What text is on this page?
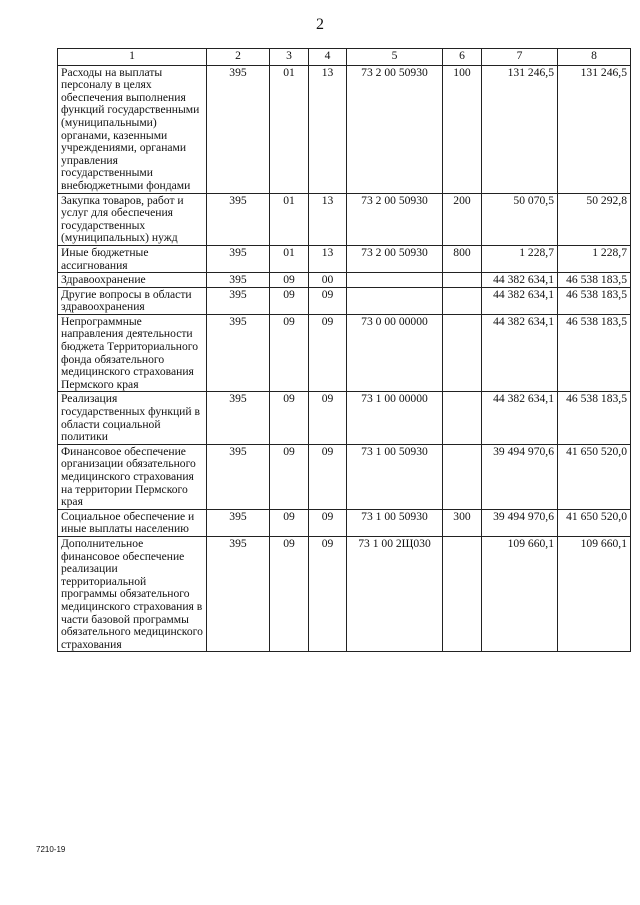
2
1	2	3	4	5	6	7	8
Расходы на выплаты персоналу в целях обеспечения выполнения функций государственными (муниципальными) органами, казенными учреждениями, органами управления государственными внебюджетными фондами	395	01	13	73 2 00 50930	100	131 246,5	131 246,5
Закупка товаров, работ и услуг для обеспечения государственных (муниципальных) нужд	395	01	13	73 2 00 50930	200	50 070,5	50 292,8
Иные бюджетные ассигнования	395	01	13	73 2 00 50930	800	1 228,7	1 228,7
Здравоохранение	395	09	00			44 382 634,1	46 538 183,5
Другие вопросы в области здравоохранения	395	09	09			44 382 634,1	46 538 183,5
Непрограммные направления деятельности бюджета Территориального фонда обязательного медицинского страхования Пермского края	395	09	09	73 0 00 00000		44 382 634,1	46 538 183,5
Реализация государственных функций в области социальной политики	395	09	09	73 1 00 00000		44 382 634,1	46 538 183,5
Финансовое обеспечение организации обязательного медицинского страхования на территории Пермского края	395	09	09	73 1 00 50930		39 494 970,6	41 650 520,0
Социальное обеспечение и иные выплаты населению	395	09	09	73 1 00 50930	300	39 494 970,6	41 650 520,0
Дополнительное финансовое обеспечение реализации территориальной программы обязательного медицинского страхования в части базовой программы обязательного медицинского страхования	395	09	09	73 1 00 2Щ030		109 660,1	109 660,1
7210-19
